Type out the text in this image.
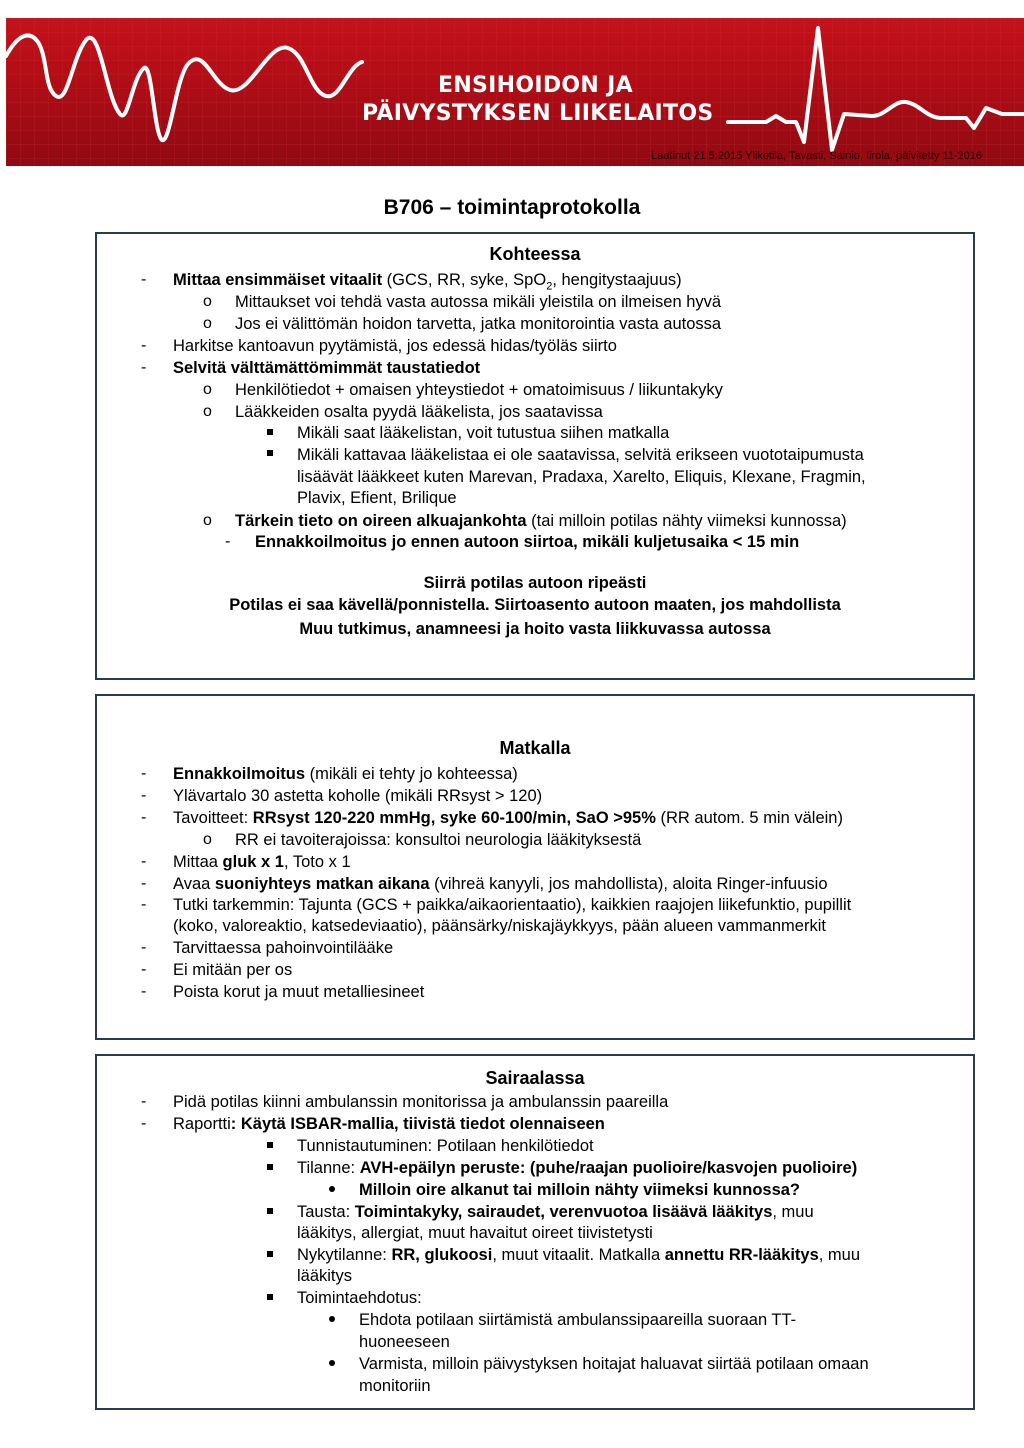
ENSIHOIDON JA
PÄIVYSTYKSEN LIIKELAITOS
Laatinut 21.5.2015 Ylikotila, Tavasti, Sainio, Iirola, päivitetty 11-2016
B706 – toimintaprotokolla
Kohteessa
- Mittaa ensimmäiset vitaalit (GCS, RR, syke, SpO$_2$, hengitystaajuus)
o Mittaukset voi tehdä vasta autossa mikäli yleistila on ilmeisen hyvä
o Jos ei välittömän hoidon tarvetta, jatka monitorointia vasta autossa
- Harkitse kantoavun pyytämistä, jos edessä hidas/työläs siirto
- Selvitä välttämättömimmät taustatiedot
o Henkilötiedot + omaisen yhteystiedot + omatoimisuus / liikuntakyky
o Lääkkeiden osalta pyydä lääkelista, jos saatavissa
Mikäli saat lääkelistan, voit tutustua siihen matkalla
Mikäli kattavaa lääkelistaa ei ole saatavissa, selvitä erikseen vuototaipumusta
lisäävät lääkkeet kuten Marevan, Pradaxa, Xarelto, Eliquis, Klexane, Fragmin,
Plavix, Efient, Brilique
o Tärkein tieto on oireen alkuajankohta (tai milloin potilas nähty viimeksi kunnossa)
- Ennakkoilmoitus jo ennen autoon siirtoa, mikäli kuljetusaika < 15 min
Siirrä potilas autoon ripeästi
Potilas ei saa kävellä/ponnistella. Siirtoasento autoon maaten, jos mahdollista
Muu tutkimus, anamneesi ja hoito vasta liikkuvassa autossa
Matkalla
- Ennakkoilmoitus (mikäli ei tehty jo kohteessa)
- Ylävartalo 30 astetta koholle (mikäli RRsyst > 120)
- Tavoitteet: RRsyst 120-220 mmHg, syke 60-100/min, SaO >95% (RR autom. 5 min välein)
o RR ei tavoiterajoissa: konsultoi neurologia lääkityksestä
- Mittaa gluk x 1, Toto x 1
- Avaa suoniyhteys matkan aikana (vihreä kanyyli, jos mahdollista), aloita Ringer-infuusio
- Tutki tarkemmin: Tajunta (GCS + paikka/aikaorientaatio), kaikkien raajojen liikefunktio, pupillit
(koko, valoreaktio, katsedeviaatio), päänsärky/niskajäykkyys, pään alueen vammanmerkit
- Tarvittaessa pahoinvointilääke
- Ei mitään per os
- Poista korut ja muut metalliesineet
Sairaalassa
- Pidä potilas kiinni ambulanssin monitorissa ja ambulanssin paareilla
- Raportti: Käytä ISBAR-mallia, tiivistä tiedot olennaiseen
Tunnistautuminen: Potilaan henkilötiedot
Tilanne: AVH-epäilyn peruste: (puhe/raajan puolioire/kasvojen puolioire)
Milloin oire alkanut tai milloin nähty viimeksi kunnossa?
Tausta: Toimintakyky, sairaudet, verenvuotoa lisäävä lääkitys, muu
lääkitys, allergiat, muut havaitut oireet tiivistetysti
Nykytilanne: RR, glukoosi, muut vitaalit. Matkalla annettu RR-lääkitys, muu
lääkitys
Toimintaehdotus:
Ehdota potilaan siirtämistä ambulanssipaareilla suoraan TT-
huoneeseen
Varmista, milloin päivystyksen hoitajat haluavat siirtää potilaan omaan
monitoriin
